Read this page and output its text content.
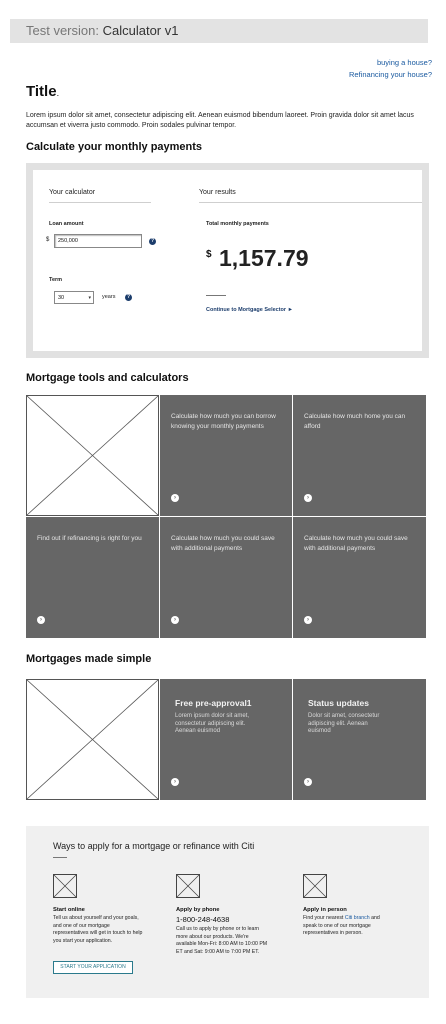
Test version: Calculator v1
buying a house?
Refinancing your house?
Title.
Lorem ipsum dolor sit amet, consectetur adipiscing elit. Aenean euismod bibendum laoreet. Proin gravida dolor sit amet lacus accumsan et viverra justo commodo. Proin sodales pulvinar tempor.
Calculate your monthly payments
Your calculator	Your results
Loan amount
$	250,000	?
Term
30	▾ years	?
Total monthly payments
$ 1,157.79
Continue to Mortgage Selector ►
Mortgage tools and calculators
Calculate how much you can borrow knowing your monthly payments
›
Calculate how much home you can afford
›
Find out if refinancing is right for you
›
Calculate how much you could save with additional payments
›
Calculate how much you could save with additional payments
›
Mortgages made simple
Free pre-approval1
Lorem ipsum dolor sit amet, consectetur adipiscing elit. Aenean euismod
›
Status updates
Dolor sit amet, consectetur adipiscing elit. Aenean euismod
›
Ways to apply for a mortgage or refinance with Citi
Start online
Tell us about yourself and your goals, and one of our mortgage representatives will get in touch to help you start your application.
START YOUR APPLICATION
Apply by phone
1-800-248-4638
Call us to apply by phone or to learn more about our products. We're available Mon-Fri: 8:00 AM to 10:00 PM ET and Sat: 9:00 AM to 7:00 PM ET.
Apply in person
Find your nearest Citi branch and speak to one of our mortgage representatives in person.
